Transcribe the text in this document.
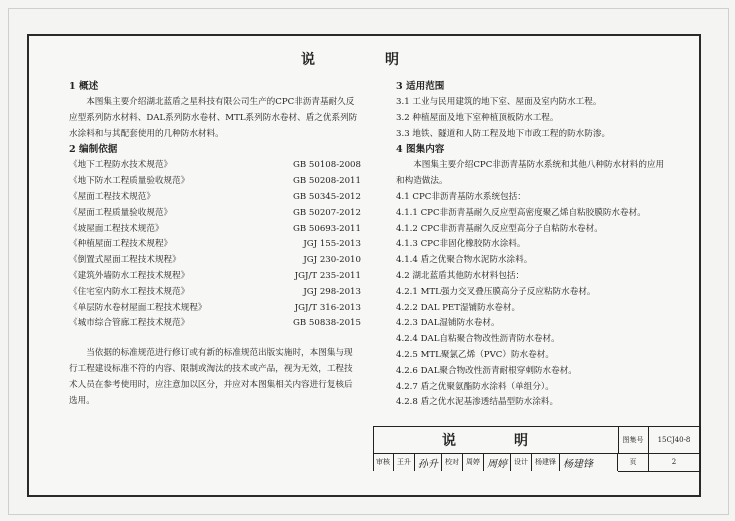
说　明
1 概述

本图集主要介绍湖北蓝盾之星科技有限公司生产的CPC非沥青基耐久反应型系列防水材料、DAL系列防水卷材、MTL系列防水卷材、盾之优系列防水涂料和与其配套使用的几种防水材料。

2 编制依据
《地下工程防水技术规范》	GB 50108-2008
《地下防水工程质量验收规范》	GB 50208-2011
《屋面工程技术规范》	GB 50345-2012
《屋面工程质量验收规范》	GB 50207-2012
《坡屋面工程技术规范》	GB 50693-2011
《种植屋面工程技术规程》	JGJ 155-2013
《倒置式屋面工程技术规程》	JGJ 230-2010
《建筑外墙防水工程技术规程》	JGJ/T 235-2011
《住宅室内防水工程技术规范》	JGJ 298-2013
《单层防水卷材屋面工程技术规程》	JGJ/T 316-2013
《城市综合管廊工程技术规范》	GB 50838-2015

当依据的标准规范进行修订或有新的标准规范出版实施时，本图集与现行工程建设标准不符的内容、限制或淘汰的技术或产品，视为无效，工程技术人员在参考使用时，应注意加以区分，并应对本图集相关内容进行复核后选用。

3 适用范围

3.1 工业与民用建筑的地下室、屋面及室内防水工程。

3.2 种植屋面及地下室种植顶板防水工程。

3.3 地铁、隧道和人防工程及地下市政工程的防水防渗。

4 图集内容

本图集主要介绍CPC非沥青基防水系统和其他八种防水材料的应用和构造做法。

4.1 CPC非沥青基防水系统包括：

4.1.1 CPC非沥青基耐久反应型高密度聚乙烯自粘胶膜防水卷材。

4.1.2 CPC非沥青基耐久反应型高分子自粘防水卷材。

4.1.3 CPC非固化橡胶防水涂料。

4.1.4 盾之优聚合物水泥防水涂料。

4.2 湖北蓝盾其他防水材料包括：

4.2.1 MTL强力交叉叠压膜高分子反应粘防水卷材。

4.2.2 DAL PET湿铺防水卷材。

4.2.3 DAL湿铺防水卷材。

4.2.4 DAL自粘聚合物改性沥青防水卷材。

4.2.5 MTL聚氯乙烯（PVC）防水卷材。

4.2.6 DAL聚合物改性沥青耐根穿刺防水卷材。

4.2.7 盾之优聚氨酯防水涂料（单组分）。

4.2.8 盾之优水泥基渗透结晶型防水涂料。

说　明	图集号	15CJ40-8
审核 王升 孙升 校对 周婷 周婷 设计 杨建锋 杨建锋	页	2
